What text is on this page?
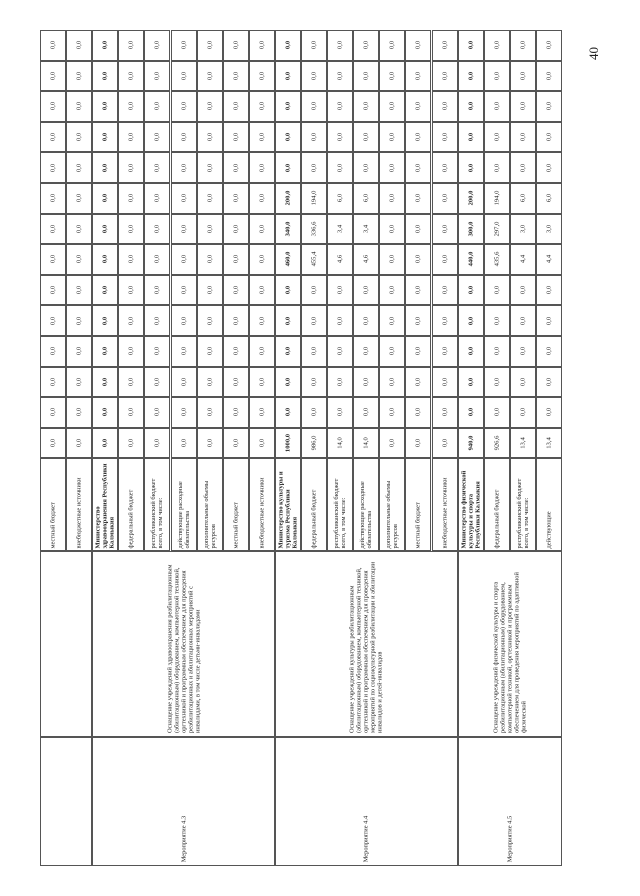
40
0,0
0,0
0,0
0,0
0,0
0,0
0,0
0,0
0,0
0,0
0,0
0,0
0,0
0,0
местный бюджет
0,0
0,0
0,0
0,0
0,0
0,0
0,0
0,0
0,0
0,0
0,0
0,0
0,0
0,0
внебюджетные источники
0,0
0,0
0,0
0,0
0,0
0,0
0,0
0,0
0,0
0,0
0,0
0,0
0,0
0,0
Министерство здравоохранения Республики Калмыкия
0,0
0,0
0,0
0,0
0,0
0,0
0,0
0,0
0,0
0,0
0,0
0,0
0,0
0,0
федеральный бюджет
0,0
0,0
0,0
0,0
0,0
0,0
0,0
0,0
0,0
0,0
0,0
0,0
0,0
0,0
республиканский бюджет всего, в том числе:
0,0
0,0
0,0
0,0
0,0
0,0
0,0
0,0
0,0
0,0
0,0
0,0
0,0
0,0
действующие расходные обязательства
0,0
0,0
0,0
0,0
0,0
0,0
0,0
0,0
0,0
0,0
0,0
0,0
0,0
0,0
дополнительные объемы ресурсов
0,0
0,0
0,0
0,0
0,0
0,0
0,0
0,0
0,0
0,0
0,0
0,0
0,0
0,0
местный бюджет
0,0
0,0
0,0
0,0
0,0
0,0
0,0
0,0
0,0
0,0
0,0
0,0
0,0
0,0
внебюджетные источники
1000,0
0,0
0,0
0,0
0,0
0,0
460,0
340,0
200,0
0,0
0,0
0,0
0,0
0,0
Министерство культуры и туризма Республики Калмыкия
986,0
0,0
0,0
0,0
0,0
0,0
455,4
336,6
194,0
0,0
0,0
0,0
0,0
0,0
федеральный бюджет
14,0
0,0
0,0
0,0
0,0
0,0
4,6
3,4
6,0
0,0
0,0
0,0
0,0
0,0
республиканский бюджет всего, в том числе:
14,0
0,0
0,0
0,0
0,0
0,0
4,6
3,4
6,0
0,0
0,0
0,0
0,0
0,0
действующие расходные обязательства
0,0
0,0
0,0
0,0
0,0
0,0
0,0
0,0
0,0
0,0
0,0
0,0
0,0
0,0
дополнительные объемы ресурсов
0,0
0,0
0,0
0,0
0,0
0,0
0,0
0,0
0,0
0,0
0,0
0,0
0,0
0,0
местный бюджет
0,0
0,0
0,0
0,0
0,0
0,0
0,0
0,0
0,0
0,0
0,0
0,0
0,0
0,0
внебюджетные источники
940,0
0,0
0,0
0,0
0,0
0,0
440,0
300,0
200,0
0,0
0,0
0,0
0,0
0,0
Министерство физической культуры и спорта Республики Калмыкия
926,6
0,0
0,0
0,0
0,0
0,0
435,6
297,0
194,0
0,0
0,0
0,0
0,0
0,0
федеральный бюджет
13,4
0,0
0,0
0,0
0,0
0,0
4,4
3,0
6,0
0,0
0,0
0,0
0,0
0,0
республиканский бюджет всего, в том числе:
13,4
0,0
0,0
0,0
0,0
0,0
4,4
3,0
6,0
0,0
0,0
0,0
0,0
0,0
действующие
Оснащение учреждений здравоохранения реабилитационным (абилитационным) оборудованием, компьютерной техникой, оргтехникой и программным обеспечением для проведения реабилитационных и абилитационных мероприятий с инвалидами, в том числе детьми-инвалидами
Мероприятие 4.3
Оснащение учреждений культуры реабилитационным (абилитационным) оборудованием, компьютерной техникой, оргтехникой и программным обеспечением для проведения мероприятий по социокультурной реабилитации и абилитации инвалидов и детей-инвалидов
Мероприятие 4.4
Оснащение учреждений физической культуры и спорта реабилитационным (абилитационным) оборудованием, компьютерной техникой, оргтехникой и программным обеспечением для проведения мероприятий по адаптивной физической
Мероприятие 4.5
